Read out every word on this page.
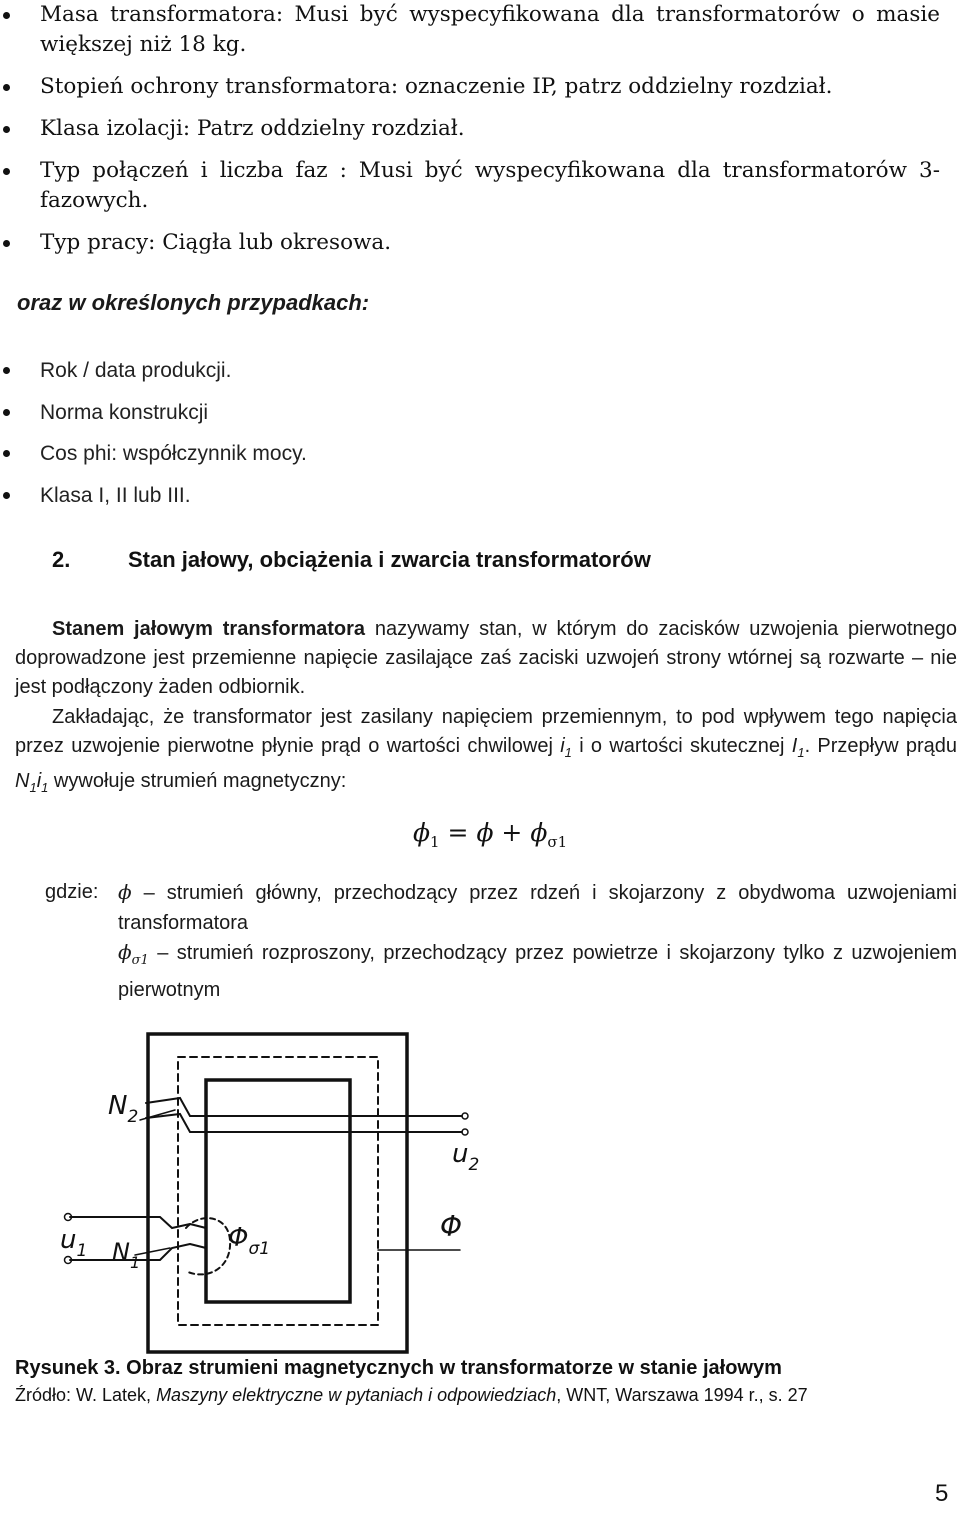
Masa transformatora: Musi być wyspecyfikowana dla transformatorów o masie większej niż 18 kg.
Stopień ochrony transformatora: oznaczenie IP, patrz oddzielny rozdział.
Klasa izolacji: Patrz oddzielny rozdział.
Typ połączeń i liczba faz : Musi być wyspecyfikowana dla transformatorów 3-fazowych.
Typ pracy: Ciągła lub okresowa.
oraz w określonych przypadkach:
Rok / data produkcji.
Norma konstrukcji
Cos phi: współczynnik mocy.
Klasa I, II lub III.
2.	Stan jałowy, obciążenia i zwarcia transformatorów
Stanem jałowym transformatora nazywamy stan, w którym do zacisków uzwojenia pierwotnego doprowadzone jest przemienne napięcie zasilające zaś zaciski uzwojeń strony wtórnej są rozwarte – nie jest podłączony żaden odbiornik.
Zakładając, że transformator jest zasilany napięciem przemiennym, to pod wpływem tego napięcia przez uzwojenie pierwotne płynie prąd o wartości chwilowej $i_1$ i o wartości skutecznej $I_1$. Przepływ prądu $N_1i_1$ wywołuje strumień magnetyczny:
$\phi_1 = \phi + \phi_{\sigma 1}$
gdzie: ϕ – strumień główny, przechodzący przez rdzeń i skojarzony z obydwoma uzwojeniami transformatora
$\phi_{\sigma 1}$ – strumień rozproszony, przechodzący przez powietrze i skojarzony tylko z uzwojeniem pierwotnym
$N_2$
$u_2$
$u_1$ $N_1$
$\Phi_{\sigma 1}$
Φ
Rysunek 3. Obraz strumieni magnetycznych w transformatorze w stanie jałowym
Źródło: W. Latek, Maszyny elektryczne w pytaniach i odpowiedziach, WNT, Warszawa 1994 r., s. 27
5
